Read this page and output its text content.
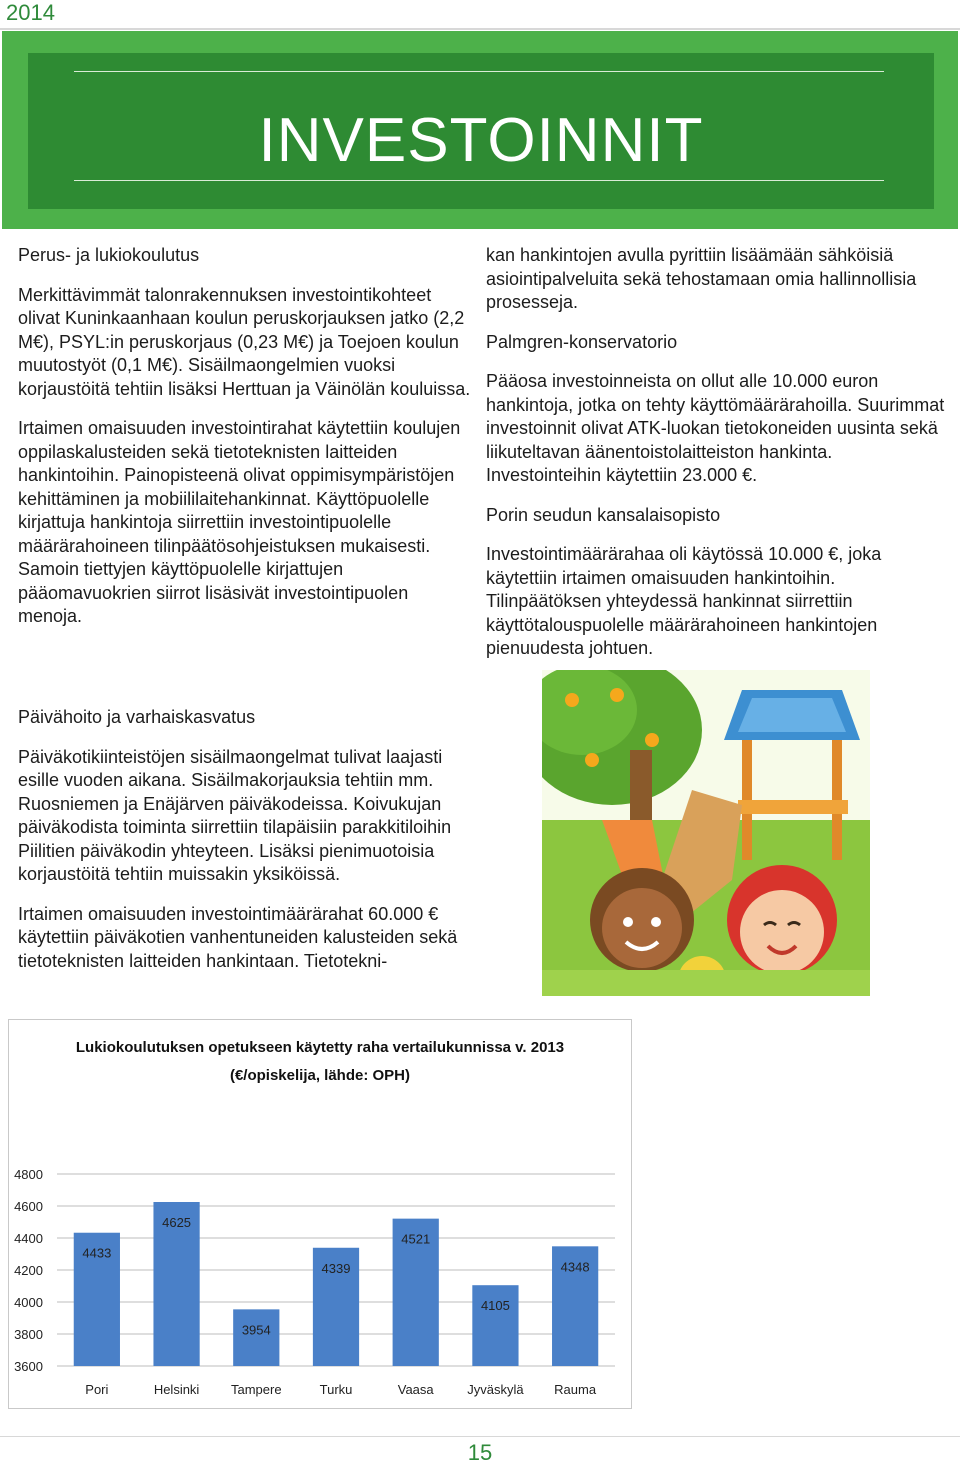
2014
INVESTOINNIT
Perus- ja lukiokoulutus

Merkittävimmät talonrakennuksen investointikohteet olivat Kuninkaanhaan koulun peruskorjauksen jatko (2,2 M€), PSYL:in peruskorjaus (0,23 M€) ja Toejoen koulun muutostyöt (0,1 M€). Sisäilmaongelmien vuoksi korjaustöitä tehtiin lisäksi Herttuan ja Väinölän kouluissa.

Irtaimen omaisuuden investointirahat käytettiin koulujen oppilaskalusteiden sekä tietoteknisten laitteiden hankintoihin. Painopisteenä olivat oppimisympäristöjen kehittäminen ja mobiililaitehankinnat. Käyttöpuolelle kirjattuja hankintoja siirrettiin investointipuolelle määrärahoineen tilinpäätösohjeistuksen mukaisesti. Samoin tiettyjen käyttöpuolelle kirjattujen pääomavuokrien siirrot lisäsivät investointipuolen menoja.

kan hankintojen avulla pyrittiin lisäämään sähköisiä asiointipalveluita sekä tehostamaan omia hallinnollisia prosesseja.

Palmgren-konservatorio

Pääosa investoinneista on ollut alle 10.000 euron hankintoja, jotka on tehty käyttömäärärahoilla. Suurimmat investoinnit olivat ATK-luokan tietokoneiden uusinta sekä liikuteltavan äänentoistolaitteiston hankinta. Investointeihin käytettiin 23.000 €.

Porin seudun kansalaisopisto

Investointimäärärahaa oli käytössä 10.000 €, joka käytettiin irtaimen omaisuuden hankintoihin. Tilinpäätöksen yhteydessä hankinnat siirrettiin käyttötalouspuolelle määrärahoineen hankintojen pienuudesta johtuen.

Päivähoito ja varhaiskasvatus

Päiväkotikiinteistöjen sisäilmaongelmat tulivat laajasti esille vuoden aikana. Sisäilmakorjauksia tehtiin mm. Ruosniemen ja Enäjärven päiväkodeissa. Koivukujan päiväkodista toiminta siirrettiin tilapäisiin parakkitiloihin Piilitien päiväkodin yhteyteen. Lisäksi pienimuotoisia korjaustöitä tehtiin muissakin yksiköissä.

Irtaimen omaisuuden investointimäärärahat 60.000 € käytettiin päiväkotien vanhentuneiden kalusteiden sekä tietoteknisten laitteiden hankintaan. Tietotekni-

Lukiokoulutuksen opetukseen käytetty raha vertailukunnissa v. 2013
(€/opiskelija, lähde: OPH)
3600
3800
4000
4200
4400
4600
4800
4433
Pori
4625
Helsinki
3954
Tampere
4339
Turku
4521
Vaasa
4105
Jyväskylä
4348
Rauma
15
